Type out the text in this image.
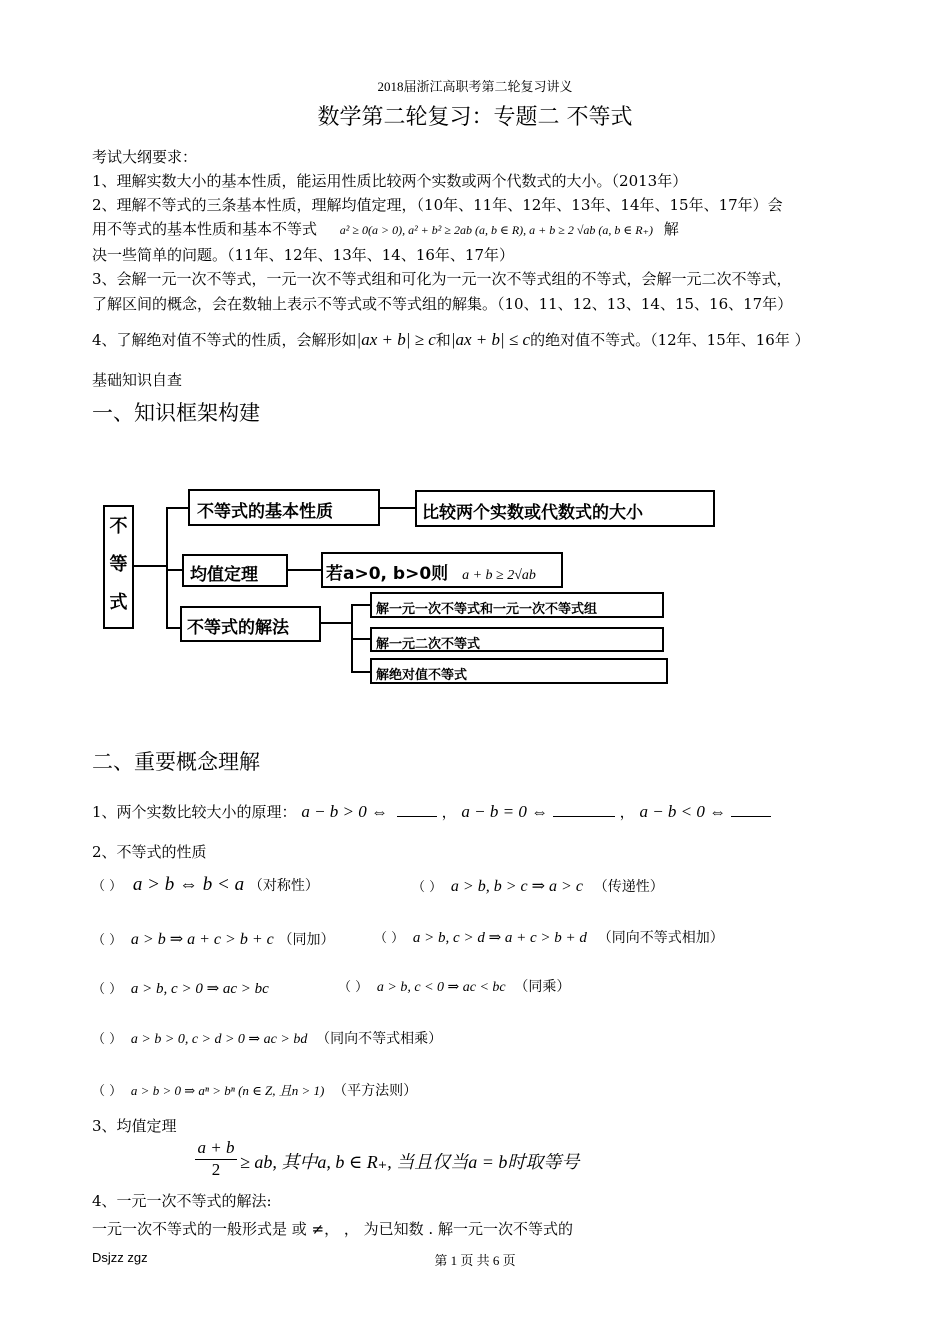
2018届浙江高职考第二轮复习讲义
数学第二轮复习：专题二 不等式
考试大纲要求：
1、理解实数大小的基本性质，能运用性质比较两个实数或两个代数式的大小。（2013年）
2、理解不等式的三条基本性质，理解均值定理，（10年、11年、12年、13年、14年、15年、17年）会
用不等式的基本性质和基本不等式 a² ≥ 0(a > 0), a² + b² ≥ 2ab (a, b ∈ R), a + b ≥ 2 √ab (a, b ∈ R₊) 解
决一些简单的问题。（11年、12年、13年、14、16年、17年）
3、会解一元一次不等式，一元一次不等式组和可化为一元一次不等式组的不等式，会解一元二次不等式，
了解区间的概念，会在数轴上表示不等式或不等式组的解集。（10、11、12、13、14、15、16、17年）
4、了解绝对值不等式的性质，会解形如|ax + b| ≥ c和|ax + b| ≤ c的绝对值不等式。（12年、15年、16年 ）
基础知识自查
一、知识框架构建
不
等
式
不等式的基本性质	比较两个实数或代数式的大小
均值定理	若a>0, b>0则 a + b ≥ 2√ab
不等式的解法
解一元一次不等式和一元一次不等式组
解一元二次不等式
解绝对值不等式
二、重要概念理解
1、两个实数比较大小的原理： a − b > 0 ⇔	， a − b = 0 ⇔	， a − b < 0 ⇔
2、不等式的性质
（ ） a > b ⇔ b < a （对称性）	（ ） a > b, b > c ⇒ a > c （传递性）
（ ） a > b ⇒ a + c > b + c （同加）	（ ） a > b, c > d ⇒ a + c > b + d （同向不等式相加）
（ ） a > b, c > 0 ⇒ ac > bc	（ ） a > b, c < 0 ⇒ ac < bc （同乘）
（ ） a > b > 0, c > d > 0 ⇒ ac > bd （同向不等式相乘）
（ ） a > b > 0 ⇒ aⁿ > bⁿ (n ∈ Z, 且n > 1) （平方法则）
3、均值定理
$\frac{a + b}{2}$ ≥ ab, 其中a, b ∈ R₊, 当且仅当a = b时取等号
4、一元一次不等式的解法:
一元一次不等式的一般形式是 或 ≠， ， 为已知数 . 解一元一次不等式的
Dsjzz zgz	第 1 页 共 6 页
